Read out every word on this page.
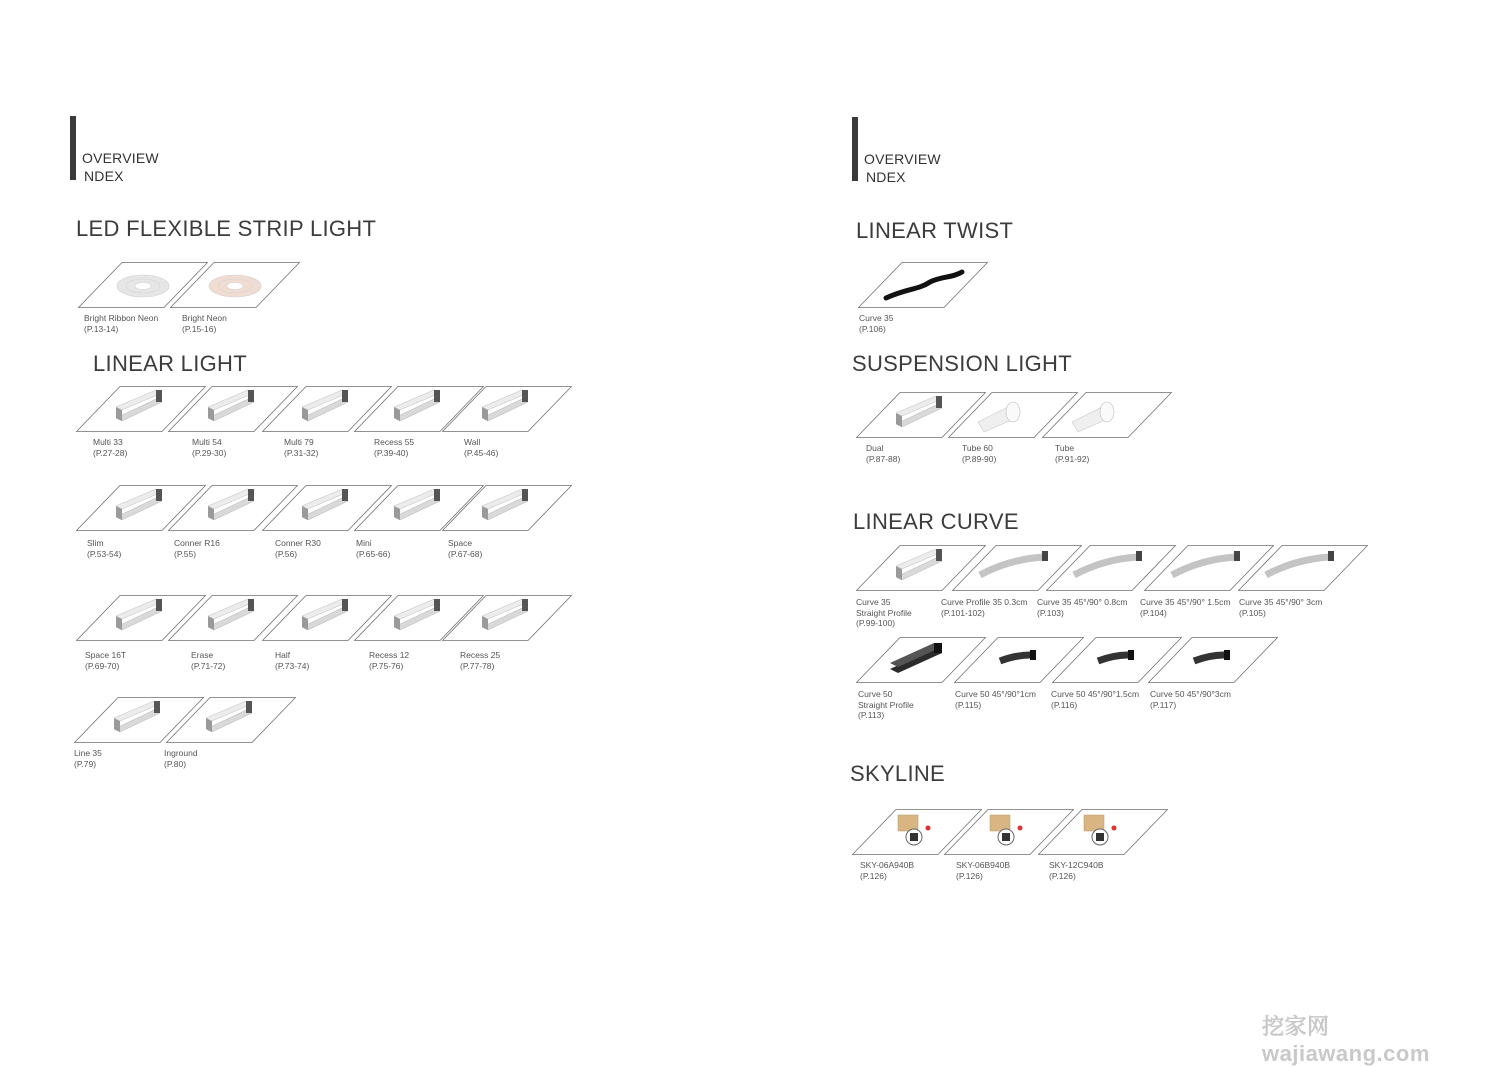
OVERVIEW
NDEX
LED FLEXIBLE STRIP LIGHT
LINEAR LIGHT
OVERVIEW
NDEX
LINEAR TWIST
SUSPENSION LIGHT
LINEAR CURVE
SKYLINE
挖家网 wajiawang.com
Bright Ribbon Neon
(P.13-14)
Bright Neon
(P.15-16)
Multi 33
(P.27-28)
Multi 54
(P.29-30)
Multi 79
(P.31-32)
Recess 55
(P.39-40)
Wall
(P.45-46)
Slim
(P.53-54)
Conner R16
(P.55)
Conner R30
(P.56)
Mini
(P.65-66)
Space
(P.67-68)
Space 16T
(P.69-70)
Erase
(P.71-72)
Half
(P.73-74)
Recess 12
(P.75-76)
Recess 25
(P.77-78)
Line 35
(P.79)
Inground
(P.80)
Curve 35
(P.106)
Dual
(P.87-88)
Tube 60
(P.89-90)
Tube
(P.91-92)
Curve 35
Straight Profile
(P.99-100)
Curve Profile 35 0.3cm
(P.101-102)
Curve 35 45°/90° 0.8cm
(P.103)
Curve 35 45°/90° 1.5cm
(P.104)
Curve 35 45°/90° 3cm
(P.105)
Curve 50
Straight Profile
(P.113)
Curve 50 45°/90°1cm
(P.115)
Curve 50 45°/90°1.5cm
(P.116)
Curve 50 45°/90°3cm
(P.117)
SKY-06A940B
(P.126)
SKY-06B940B
(P.126)
SKY-12C940B
(P.126)
